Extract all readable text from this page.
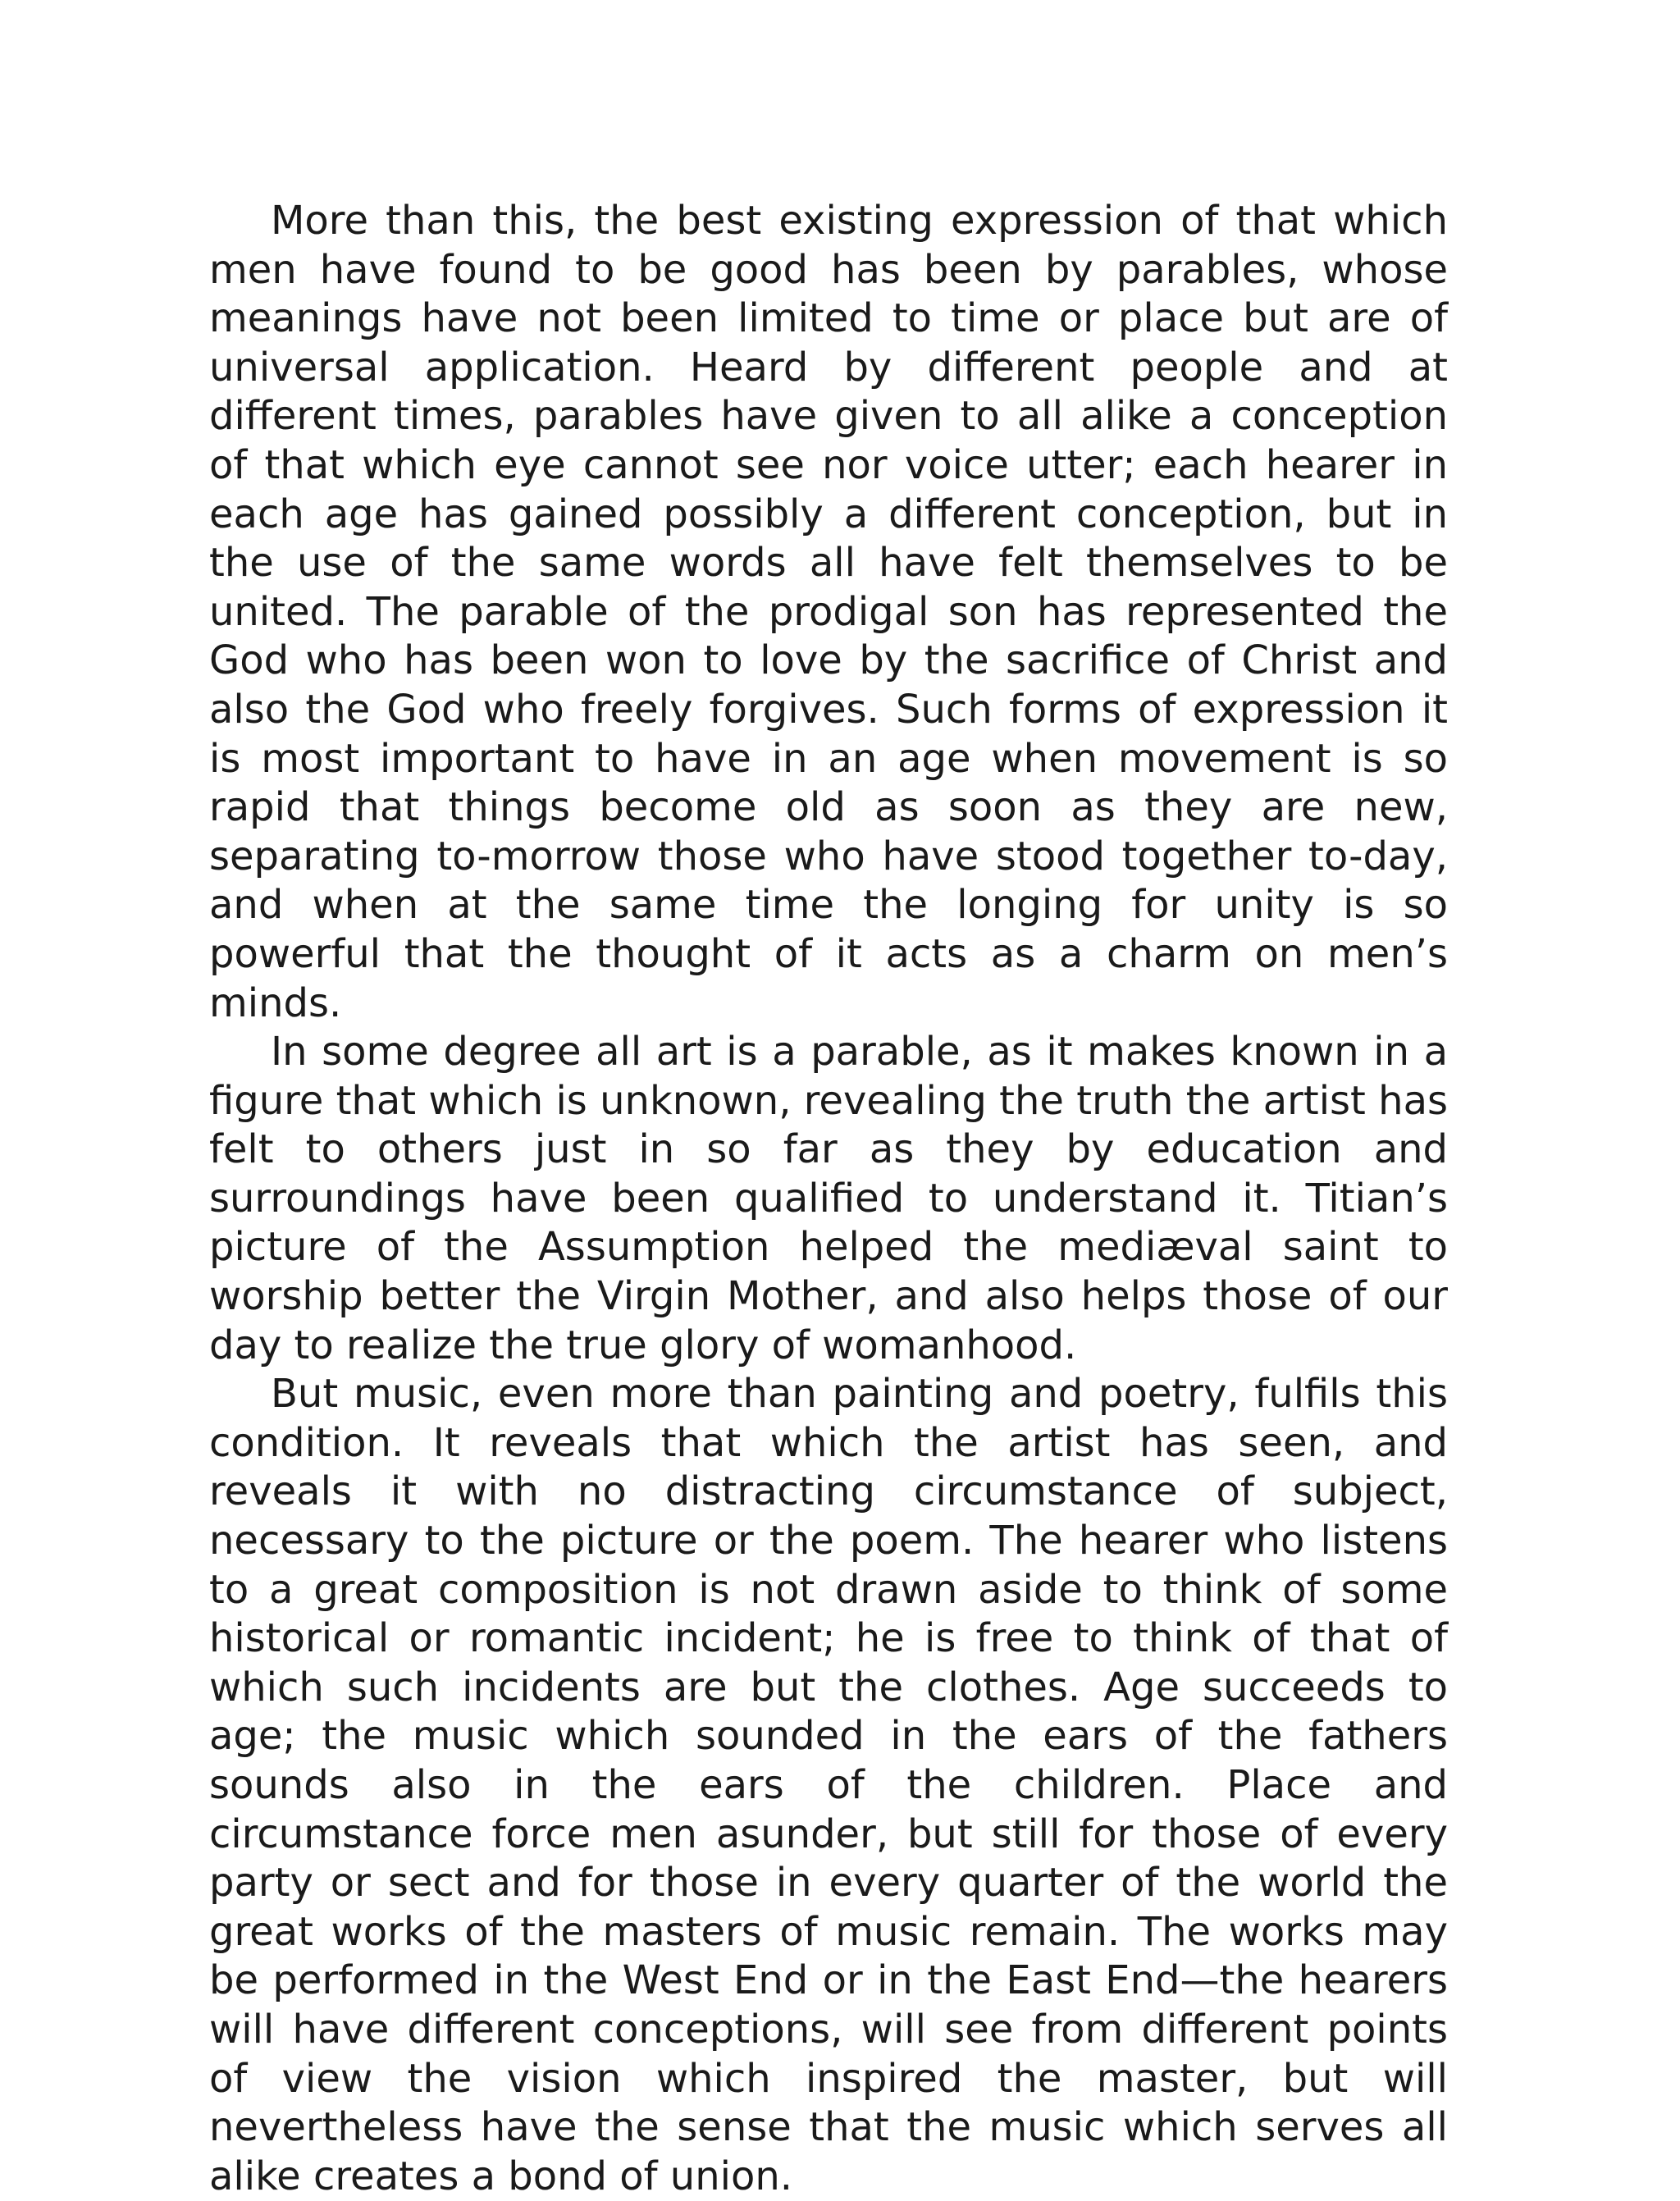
More than this, the best existing expression of that which men have found to be good has been by parables, whose meanings have not been limited to time or place but are of universal application. Heard by different people and at different times, parables have given to all alike a conception of that which eye cannot see nor voice utter; each hearer in each age has gained possibly a different conception, but in the use of the same words all have felt themselves to be united. The parable of the prodigal son has represented the God who has been won to love by the sacrifice of Christ and also the God who freely forgives. Such forms of expression it is most important to have in an age when movement is so rapid that things become old as soon as they are new, separating to-morrow those who have stood together to-day, and when at the same time the longing for unity is so powerful that the thought of it acts as a charm on men’s minds.

In some degree all art is a parable, as it makes known in a figure that which is unknown, revealing the truth the artist has felt to others just in so far as they by education and surroundings have been qualified to understand it. Titian’s picture of the Assumption helped the mediæval saint to worship better the Virgin Mother, and also helps those of our day to realize the true glory of womanhood.

But music, even more than painting and poetry, fulfils this condition. It reveals that which the artist has seen, and reveals it with no distracting circumstance of subject, necessary to the picture or the poem. The hearer who listens to a great composition is not drawn aside to think of some historical or romantic incident; he is free to think of that of which such incidents are but the clothes. Age succeeds to age; the music which sounded in the ears of the fathers sounds also in the ears of the children. Place and circumstance force men asunder, but still for those of every party or sect and for those in every quarter of the world the great works of the masters of music remain. The works may be performed in the West End or in the East End—the hearers will have different conceptions, will see from different points of view the vision which inspired the master, but will nevertheless have the sense that the music which serves all alike creates a bond of union.
